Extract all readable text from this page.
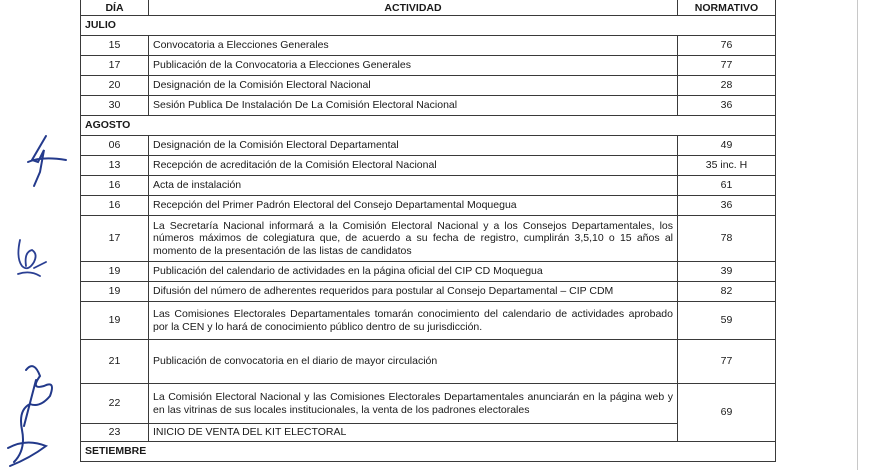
DÍA	ACTIVIDAD	NORMATIVO
JULIO		
15	Convocatoria a Elecciones Generales	76
17	Publicación de la Convocatoria a Elecciones Generales	77
20	Designación de la Comisión Electoral Nacional	28
30	Sesión Publica De Instalación De La Comisión Electoral Nacional	36
AGOSTO		
06	Designación de la Comisión Electoral Departamental	49
13	Recepción de acreditación de la Comisión Electoral Nacional	35 inc. H
16	Acta de instalación	61
16	Recepción del Primer Padrón Electoral del Consejo Departamental Moquegua	36
17	La Secretaría Nacional informará a la Comisión Electoral Nacional y a los Consejos Departamentales, los números máximos de colegiatura que, de acuerdo a su fecha de registro, cumplirán 3,5,10 o 15 años al momento de la presentación de las listas de candidatos	78
19	Publicación del calendario de actividades en la página oficial del CIP CD Moquegua	39
19	Difusión del número de adherentes requeridos para postular al Consejo Departamental – CIP CDM	82
19	Las Comisiones Electorales Departamentales tomarán conocimiento del calendario de actividades aprobado por la CEN y lo hará de conocimiento público dentro de su jurisdicción.	59
21	Publicación de convocatoria en el diario de mayor circulación	77
22	La Comisión Electoral Nacional y las Comisiones Electorales Departamentales anunciarán en la página web y en las vitrinas de sus locales institucionales, la venta de los padrones electorales	69
23	INICIO DE VENTA DEL KIT ELECTORAL	
SETIEMBRE		
